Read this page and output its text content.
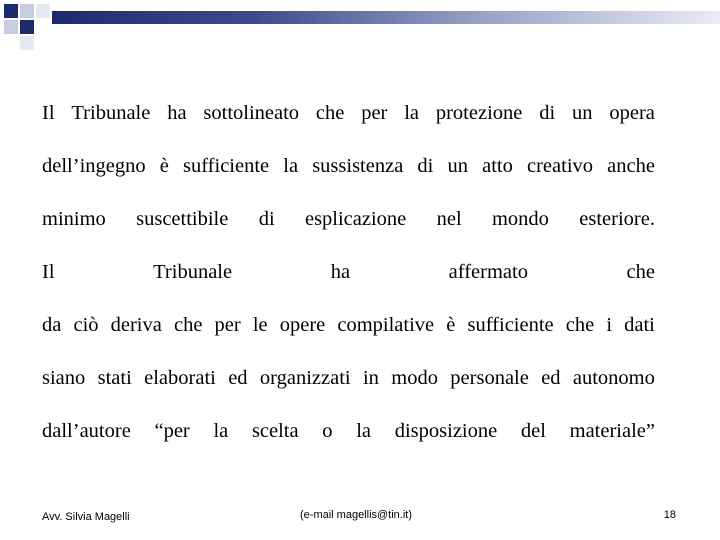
Il Tribunale ha sottolineato che per la protezione di un opera
dell’ingegno è sufficiente la sussistenza di un atto creativo anche
minimo suscettibile di esplicazione nel mondo esteriore.
Il	Tribunale	ha	affermato	che
da ciò deriva che per le opere compilative è sufficiente che i dati
siano stati elaborati ed organizzati in modo personale ed autonomo
dall’autore “per la scelta o la disposizione del materiale”
Avv. Silvia Magelli	(e-mail magellis@tin.it)	18
